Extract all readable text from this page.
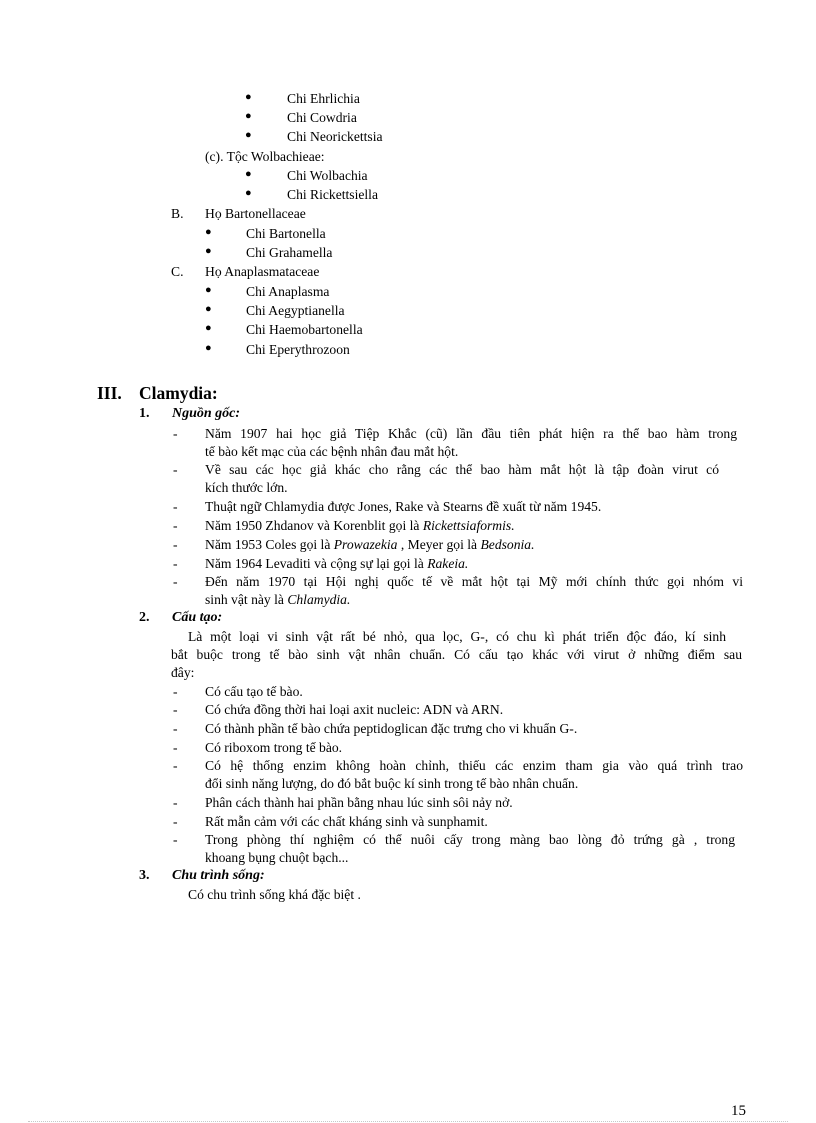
●	Chi Ehrlichia
●	Chi Cowdria
●	Chi Neorickettsia
(c). Tộc Wolbachieae:
●	Chi Wolbachia
●	Chi Rickettsiella
B. Họ Bartonellaceae
●	Chi Bartonella
●	Chi Grahamella
C. Họ Anaplasmataceae
●	Chi Anaplasma
●	Chi Aegyptianella
●	Chi Haemobartonella
●	Chi Eperythrozoon
III. Clamydia:
1. Nguồn gốc:
- Năm 1907 hai học giả Tiệp Khắc (cũ) lần đầu tiên phát hiện ra thể bao hàm trong
tế bào kết mạc của các bệnh nhân đau mắt hột.
- Về sau các học giả khác cho rằng các thể bao hàm mắt hột là tập đoàn virut có
kích thước lớn.
- Thuật ngữ Chlamydia được Jones, Rake và Stearns đề xuất từ năm 1945.
- Năm 1950 Zhdanov và Korenblit gọi là Rickettsiaformis.
- Năm 1953 Coles gọi là Prowazekia , Meyer gọi là Bedsonia.
- Năm 1964 Levaditi và cộng sự lại gọi là Rakeia.
- Đến năm 1970 tại Hội nghị quốc tế về mắt hột tại Mỹ mới chính thức gọi nhóm vi
sinh vật này là Chlamydia.
2. Cấu tạo:
Là một loại vi sinh vật rất bé nhỏ, qua lọc, G-, có chu kì phát triển độc đáo, kí sinh
bắt buộc trong tế bào sinh vật nhân chuẩn. Có cấu tạo khác với virut ở những điểm sau
đây:
- Có cấu tạo tế bào.
- Có chứa đồng thời hai loại axit nucleic: ADN và ARN.
- Có thành phần tế bào chứa peptidoglican đặc trưng cho vi khuẩn G-.
- Có riboxom trong tế bào.
- Có hệ thống enzim không hoàn chỉnh, thiếu các enzim tham gia vào quá trình trao
đổi sinh năng lượng, do đó bắt buộc kí sinh trong tế bào nhân chuẩn.
- Phân cách thành hai phần bằng nhau lúc sinh sôi nảy nở.
- Rất mẫn cảm với các chất kháng sinh và sunphamit.
- Trong phòng thí nghiệm có thể nuôi cấy trong màng bao lòng đỏ trứng gà , trong
khoang bụng chuột bạch...
3. Chu trình sống:
Có chu trình sống khá đặc biệt .
15
